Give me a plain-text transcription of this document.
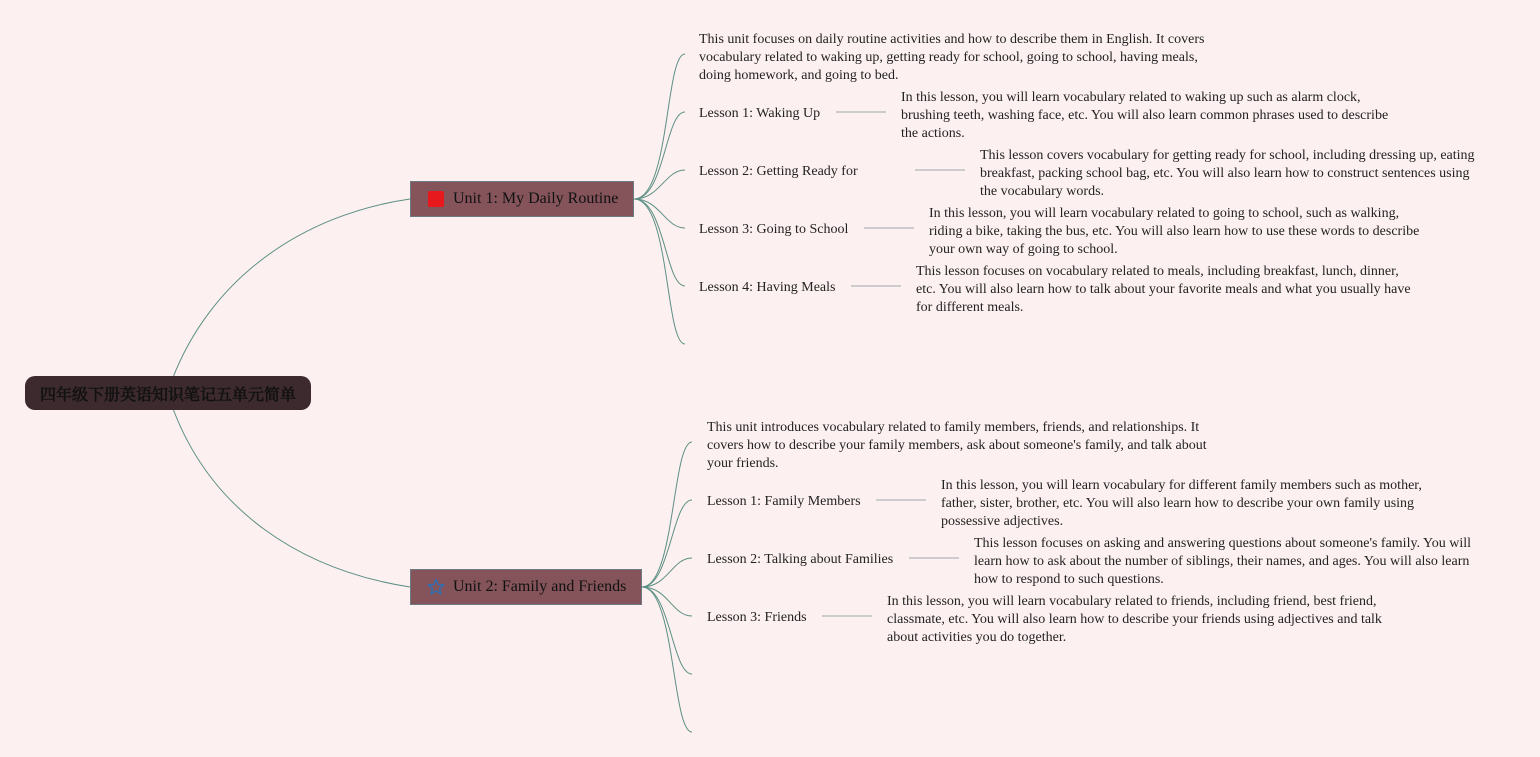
四年级下册英语知识笔记五单元简单
Unit 1: My Daily Routine
This unit focuses on daily routine activities and how to describe them in English. It covers vocabulary related to waking up, getting ready for school, going to school, having meals, doing homework, and going to bed.
Lesson 1: Waking Up
In this lesson, you will learn vocabulary related to waking up such as alarm clock, brushing teeth, washing face, etc. You will also learn common phrases used to describe the actions.
Lesson 2: Getting Ready for
This lesson covers vocabulary for getting ready for school, including dressing up, eating breakfast, packing school bag, etc. You will also learn how to construct sentences using the vocabulary words.
Lesson 3: Going to School
In this lesson, you will learn vocabulary related to going to school, such as walking, riding a bike, taking the bus, etc. You will also learn how to use these words to describe your own way of going to school.
Lesson 4: Having Meals
This lesson focuses on vocabulary related to meals, including breakfast, lunch, dinner, etc. You will also learn how to talk about your favorite meals and what you usually have for different meals.
Unit 2: Family and Friends
This unit introduces vocabulary related to family members, friends, and relationships. It covers how to describe your family members, ask about someone's family, and talk about your friends.
Lesson 1: Family Members
In this lesson, you will learn vocabulary for different family members such as mother, father, sister, brother, etc. You will also learn how to describe your own family using possessive adjectives.
Lesson 2: Talking about Families
This lesson focuses on asking and answering questions about someone's family. You will learn how to ask about the number of siblings, their names, and ages. You will also learn how to respond to such questions.
Lesson 3: Friends
In this lesson, you will learn vocabulary related to friends, including friend, best friend, classmate, etc. You will also learn how to describe your friends using adjectives and talk about activities you do together.
